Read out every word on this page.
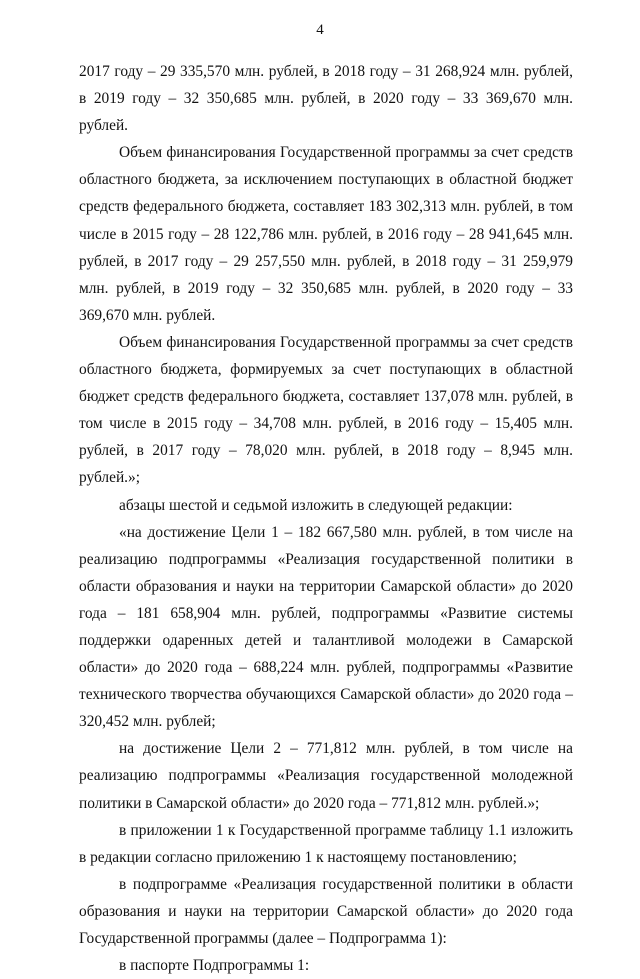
4

2017 году – 29 335,570 млн. рублей, в 2018 году – 31 268,924 млн. рублей, в 2019 году – 32 350,685 млн. рублей, в 2020 году – 33 369,670 млн. рублей.

Объем финансирования Государственной программы за счет средств областного бюджета, за исключением поступающих в областной бюджет средств федерального бюджета, составляет 183 302,313 млн. рублей, в том числе в 2015 году – 28 122,786 млн. рублей, в 2016 году – 28 941,645 млн. рублей, в 2017 году – 29 257,550 млн. рублей, в 2018 году – 31 259,979 млн. рублей, в 2019 году – 32 350,685 млн. рублей, в 2020 году – 33 369,670 млн. рублей.

Объем финансирования Государственной программы за счет средств областного бюджета, формируемых за счет поступающих в областной бюджет средств федерального бюджета, составляет 137,078 млн. рублей, в том числе в 2015 году – 34,708 млн. рублей, в 2016 году – 15,405 млн. рублей, в 2017 году – 78,020 млн. рублей, в 2018 году – 8,945 млн. рублей.»;

абзацы шестой и седьмой изложить в следующей редакции:

«на достижение Цели 1 – 182 667,580 млн. рублей, в том числе на реализацию подпрограммы «Реализация государственной политики в области образования и науки на территории Самарской области» до 2020 года – 181 658,904 млн. рублей, подпрограммы «Развитие системы поддержки одаренных детей и талантливой молодежи в Самарской области» до 2020 года – 688,224 млн. рублей, подпрограммы «Развитие технического творчества обучающихся Самарской области» до 2020 года – 320,452 млн. рублей;

на достижение Цели 2 – 771,812 млн. рублей, в том числе на реализацию подпрограммы «Реализация государственной молодежной политики в Самарской области» до 2020 года – 771,812 млн. рублей.»;

в приложении 1 к Государственной программе таблицу 1.1 изложить в редакции согласно приложению 1 к настоящему постановлению;

в подпрограмме «Реализация государственной политики в области образования и науки на территории Самарской области» до 2020 года Государственной программы (далее – Подпрограмма 1):

в паспорте Подпрограммы 1:
